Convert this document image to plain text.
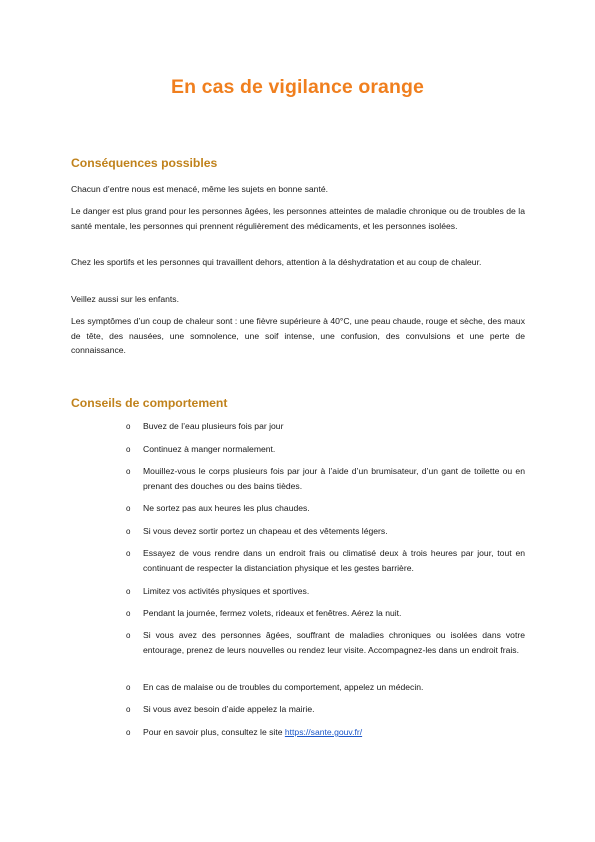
En cas de vigilance orange
Conséquences possibles

Chacun d’entre nous est menacé, même les sujets en bonne santé.

Le danger est plus grand pour les personnes âgées, les personnes atteintes de maladie chronique ou de troubles de la santé mentale, les personnes qui prennent régulièrement des médicaments, et les personnes isolées.

Chez les sportifs et les personnes qui travaillent dehors, attention à la déshydratation et au coup de chaleur.

Veillez aussi sur les enfants.

Les symptômes d’un coup de chaleur sont : une fièvre supérieure à 40°C, une peau chaude, rouge et sèche, des maux de tête, des nausées, une somnolence, une soif intense, une confusion, des convulsions et une perte de connaissance.

Conseils de comportement
o	Buvez de l’eau plusieurs fois par jour
o	Continuez à manger normalement.
o	Mouillez-vous le corps plusieurs fois par jour à l’aide d’un brumisateur, d’un gant de toilette ou en prenant des douches ou des bains tièdes.
o	Ne sortez pas aux heures les plus chaudes.
o	Si vous devez sortir portez un chapeau et des vêtements légers.
o	Essayez de vous rendre dans un endroit frais ou climatisé deux à trois heures par jour, tout en continuant de respecter la distanciation physique et les gestes barrière.
o	Limitez vos activités physiques et sportives.
o	Pendant la journée, fermez volets, rideaux et fenêtres. Aérez la nuit.
o	Si vous avez des personnes âgées, souffrant de maladies chroniques ou isolées dans votre entourage, prenez de leurs nouvelles ou rendez leur visite. Accompagnez-les dans un endroit frais.
o	En cas de malaise ou de troubles du comportement, appelez un médecin.
o	Si vous avez besoin d’aide appelez la mairie.
o	Pour en savoir plus, consultez le site https://sante.gouv.fr/
